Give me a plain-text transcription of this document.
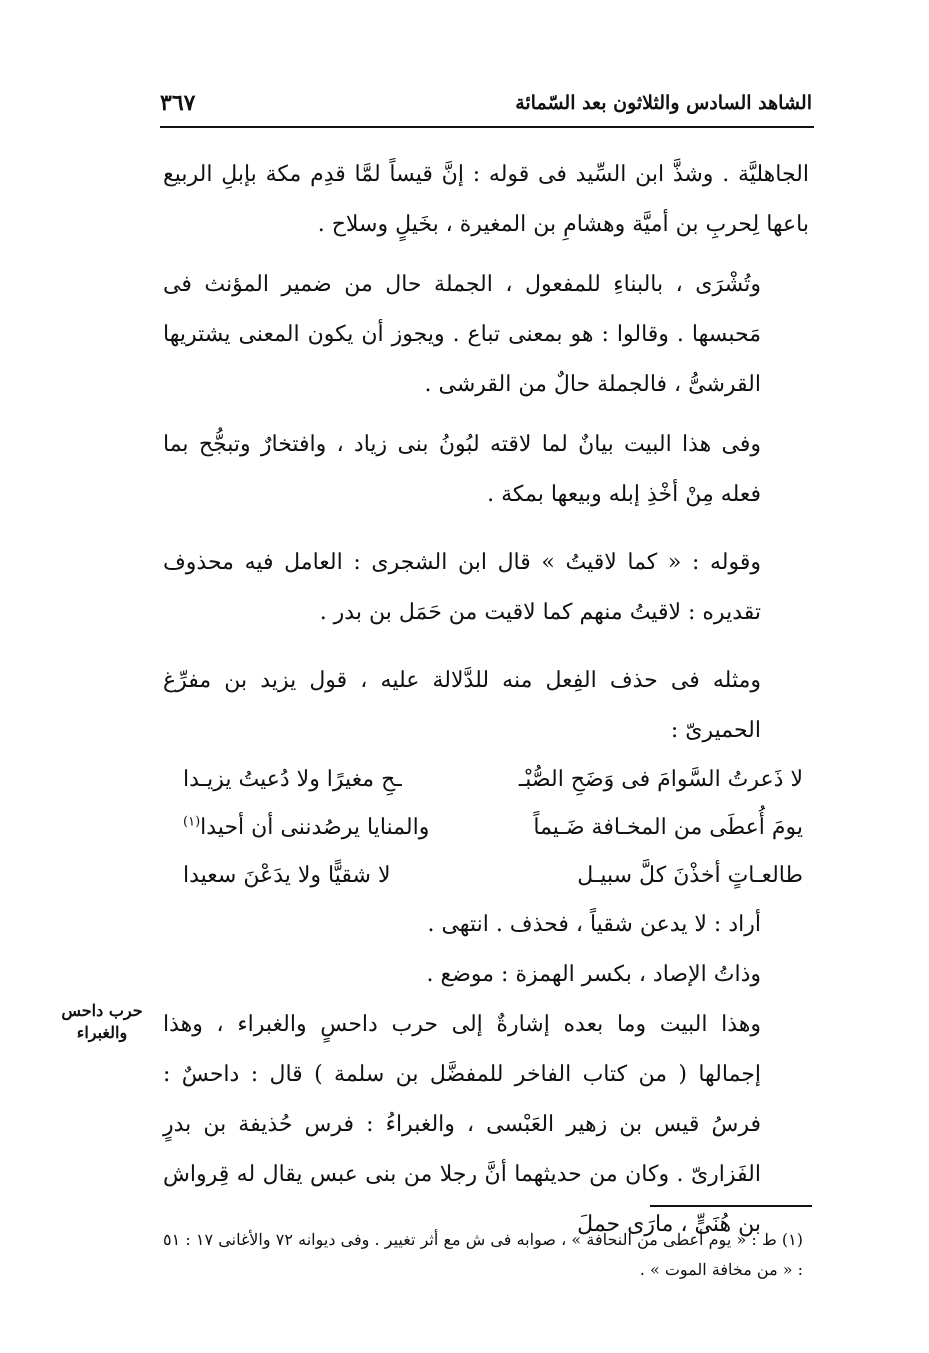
الشاهد السادس والثلاثون بعد السّمائة
٣٦٧

الجاهليَّة . وشذَّ ابن السِّيد فى قوله : إنَّ قيساً لمَّا قدِم مكة بإبلِ الربيع باعها لِحربِ بن أميَّة وهشامِ بن المغيرة ، بخَيلٍ وسلاح .

وتُشْرَى ، بالبناءِ للمفعول ، الجملة حال من ضمير المؤنث فى مَحبسها . وقالوا : هو بمعنى تباع . ويجوز أن يكون المعنى يشتريها القرشىُّ ، فالجملة حالٌ من القرشى .

وفى هذا البيت بيانٌ لما لاقته لبُونُ بنى زياد ، وافتخارٌ وتبجُّح بما فعله مِنْ أخْذِ إبله وبيعها بمكة .

وقوله : « كما لاقيتُ » قال ابن الشجرى : العامل فيه محذوف تقديره : لاقيتُ منهم كما لاقيت من حَمَل بن بدر .

ومثله فى حذف الفِعل منه للدَّلالة عليه ، قول يزيد بن مفرِّغ الحميرىّ :

لا ذَعرتُ السَّوامَ فى وَضَحِ الصُّبْـ
ـحِ مغيرًا ولا دُعيتُ يزيـدا
يومَ أُعطَى من المخـافة ضَـيماً
والمنايا يرصُدننى أن أحيدا$^{(١)}$
طالعـاتٍ أخذْنَ كلَّ سبيـل
لا شقيًّا ولا يدَعْنَ سعيدا

أراد : لا يدعن شقياً ، فحذف . انتهى .

وذاتُ الإصاد ، بكسر الهمزة : موضع .

وهذا البيت وما بعده إشارةٌ إلى حرب داحسٍ والغبراء ، وهذا إجمالها ( من كتاب الفاخر للمفضَّل بن سلمة ) قال : داحسٌ : فرسُ قيس بن زهير العَبْسى ، والغبراءُ : فرس حُذيفة بن بدرٍ الفَزارىّ . وكان من حديثهما أنَّ رجلا من بنى عبس يقال له قِرواش بن هُنَىٍّ ، مارَى حملَ

حرب داحس
والغبراء
(١) ط : « يوم أعطى من النحافة » ، صوابه فى ش مع أثر تغيير . وفى ديوانه ٧٢ والأغانى ١٧ : ٥١ : « من مخافة الموت » .
